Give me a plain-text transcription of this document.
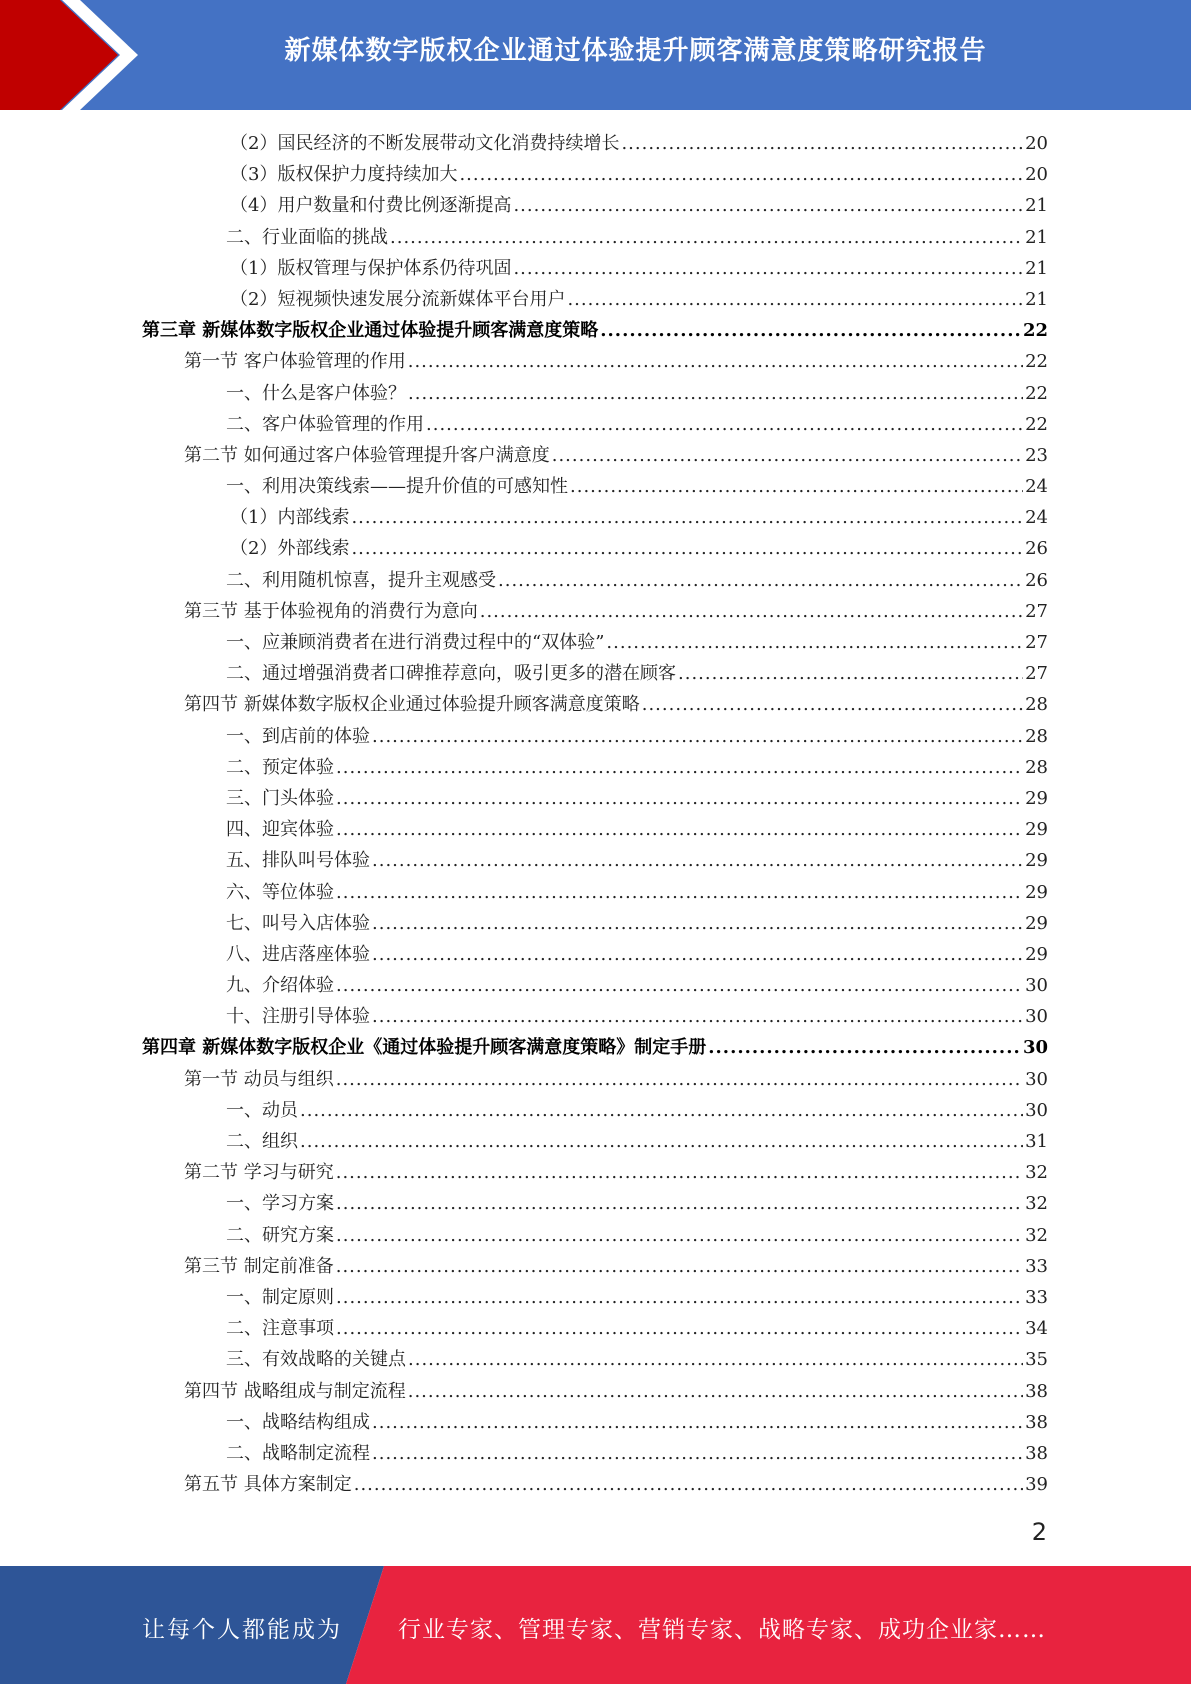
新媒体数字版权企业通过体验提升顾客满意度策略研究报告
（2）国民经济的不断发展带动文化消费持续增长 .....	20
（3）版权保护力度持续加大 .....	20
（4）用户数量和付费比例逐渐提高 .....	21
二、行业面临的挑战 .....	21
（1）版权管理与保护体系仍待巩固 .....	21
（2）短视频快速发展分流新媒体平台用户 .....	21
第三章 新媒体数字版权企业通过体验提升顾客满意度策略 .....	22
第一节 客户体验管理的作用 .....	22
一、什么是客户体验？ .....	22
二、客户体验管理的作用 .....	22
第二节 如何通过客户体验管理提升客户满意度 .....	23
一、利用决策线索——提升价值的可感知性 .....	24
（1）内部线索 .....	24
（2）外部线索 .....	26
二、利用随机惊喜，提升主观感受 .....	26
第三节 基于体验视角的消费行为意向 .....	27
一、应兼顾消费者在进行消费过程中的“双体验” .....	27
二、通过增强消费者口碑推荐意向，吸引更多的潜在顾客 .....	27
第四节 新媒体数字版权企业通过体验提升顾客满意度策略 .....	28
一、到店前的体验 .....	28
二、预定体验 .....	28
三、门头体验 .....	29
四、迎宾体验 .....	29
五、排队叫号体验 .....	29
六、等位体验 .....	29
七、叫号入店体验 .....	29
八、进店落座体验 .....	29
九、介绍体验 .....	30
十、注册引导体验 .....	30
第四章 新媒体数字版权企业《通过体验提升顾客满意度策略》制定手册 .....	30
第一节 动员与组织 .....	30
一、动员 .....	30
二、组织 .....	31
第二节 学习与研究 .....	32
一、学习方案 .....	32
二、研究方案 .....	32
第三节 制定前准备 .....	33
一、制定原则 .....	33
二、注意事项 .....	34
三、有效战略的关键点 .....	35
第四节 战略组成与制定流程 .....	38
一、战略结构组成 .....	38
二、战略制定流程 .....	38
第五节 具体方案制定 .....	39
2
让每个人都能成为 行业专家、管理专家、营销专家、战略专家、成功企业家……
